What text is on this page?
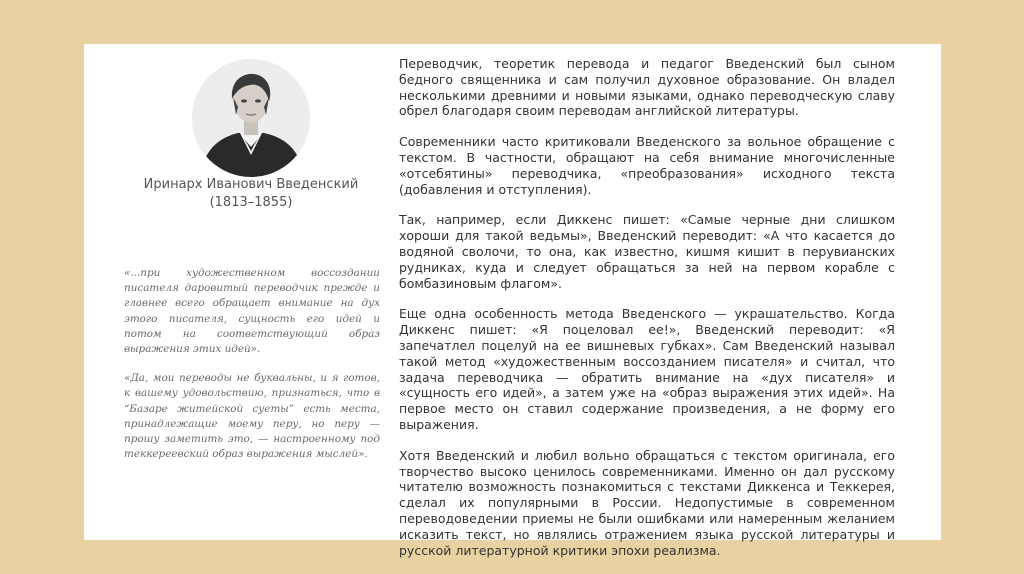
Иринарх Иванович Введенский
(1813–1855)

«...при художественном воссоздании писателя даровитый переводчик прежде и главнее всего обращает внимание на дух этого писателя, сущность его идей и потом на соответствующий образ выражения этих идей».

«Да, мои переводы не буквальны, и я готов, к вашему удовольствию, признаться, что в “Базаре житейской суеты” есть места, принадлежащие моему перу, но перу — прошу заметить это, — настроенному под теккереевский образ выражения мыслей».

Переводчик, теоретик перевода и педагог Введенский был сыном бедного священника и сам получил духовное образование. Он владел несколькими древними и новыми языками, однако переводческую славу обрел благодаря своим переводам английской литературы.

Современники часто критиковали Введенского за вольное обращение с текстом. В частности, обращают на себя внимание многочисленные «отсебятины» переводчика, «преобразования» исходного текста (добавления и отступления).

Так, например, если Диккенс пишет: «Самые черные дни слишком хороши для такой ведьмы», Введенский переводит: «А что касается до водяной сволочи, то она, как известно, кишмя кишит в перувианских рудниках, куда и следует обращаться за ней на первом корабле с бомбазиновым флагом».

Еще одна особенность метода Введенского — украшательство. Когда Диккенс пишет: «Я поцеловал ее!», Введенский переводит: «Я запечатлел поцелуй на ее вишневых губках». Сам Введенский называл такой метод «художественным воссозданием писателя» и считал, что задача переводчика — обратить внимание на «дух писателя» и «сущность его идей», а затем уже на «образ выражения этих идей». На первое место он ставил содержание произведения, а не форму его выражения.

Хотя Введенский и любил вольно обращаться с текстом оригинала, его творчество высоко ценилось современниками. Именно он дал русскому читателю возможность познакомиться с текстами Диккенса и Теккерея, сделал их популярными в России. Недопустимые в современном переводоведении приемы не были ошибками или намеренным желанием исказить текст, но являлись отражением языка русской литературы и русской литературной критики эпохи реализма.
